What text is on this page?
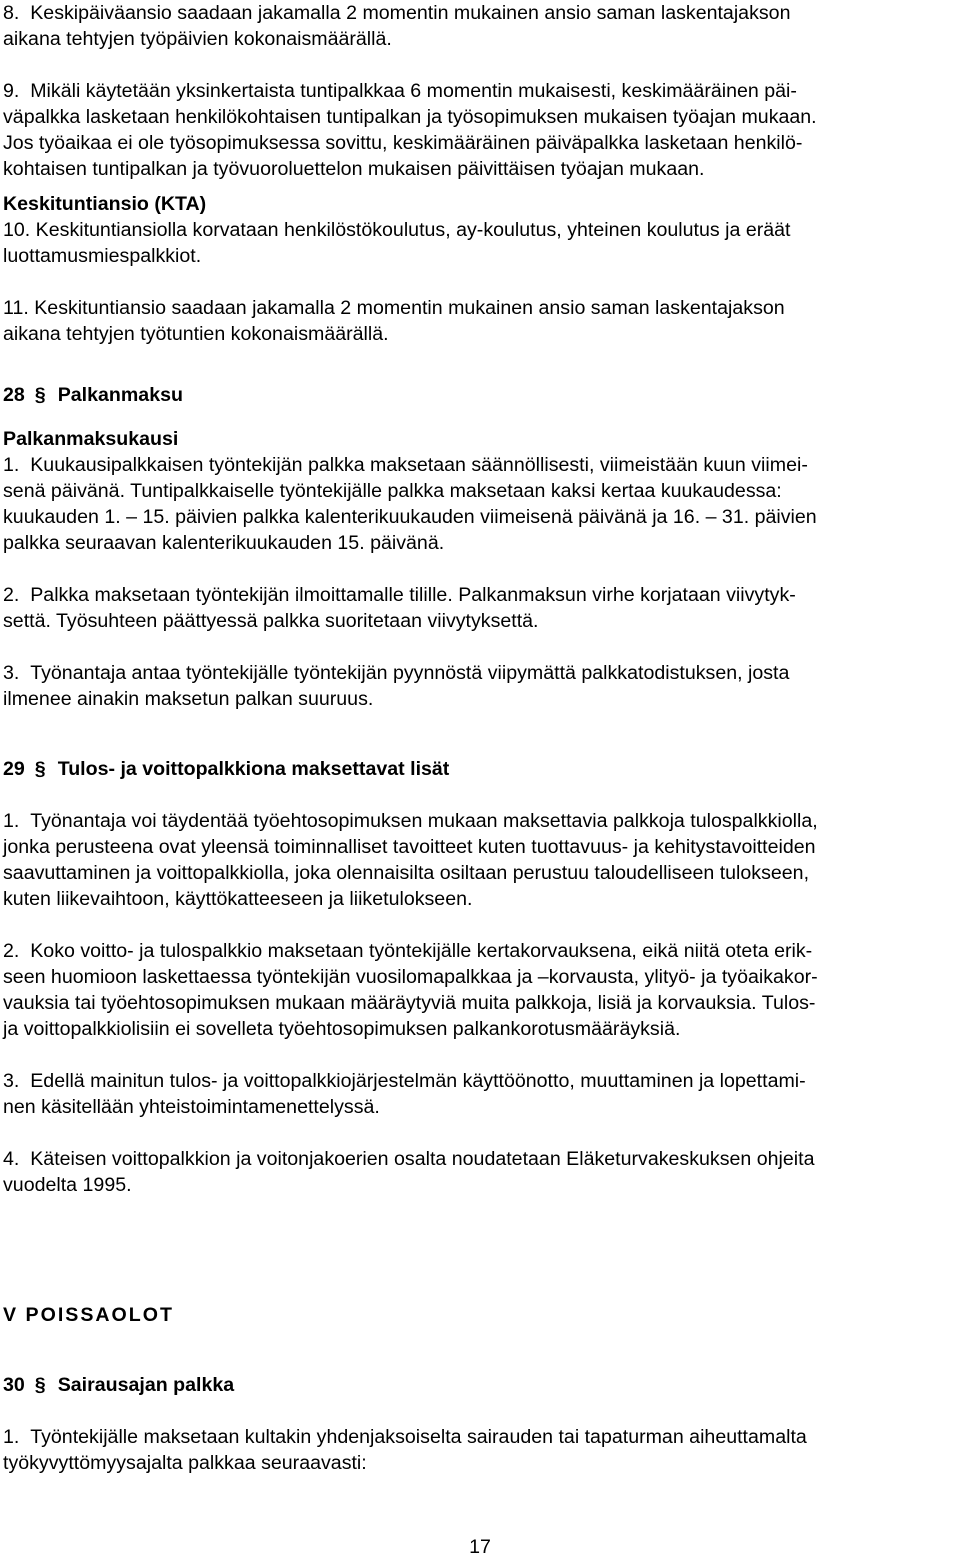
8.  Keskipäiväansio saadaan jakamalla 2 momentin mukainen ansio saman laskentajakson
aikana tehtyjen työpäivien kokonaismäärällä.

9.  Mikäli käytetään yksinkertaista tuntipalkkaa 6 momentin mukaisesti, keskimääräinen päi-
väpalkka lasketaan henkilökohtaisen tuntipalkan ja työsopimuksen mukaisen työajan mukaan.
Jos työaikaa ei ole työsopimuksessa sovittu, keskimääräinen päiväpalkka lasketaan henkilö-
kohtaisen tuntipalkan ja työvuoroluettelon mukaisen päivittäisen työajan mukaan.

Keskituntiansio (KTA)

10. Keskituntiansiolla korvataan henkilöstökoulutus, ay-koulutus, yhteinen koulutus ja eräät
luottamusmiespalkkiot.

11. Keskituntiansio saadaan jakamalla 2 momentin mukainen ansio saman laskentajakson
aikana tehtyjen työtuntien kokonaismäärällä.

28 § Palkanmaksu

Palkanmaksukausi

1.  Kuukausipalkkaisen työntekijän palkka maksetaan säännöllisesti, viimeistään kuun viimei-
senä päivänä. Tuntipalkkaiselle työntekijälle palkka maksetaan kaksi kertaa kuukaudessa:
kuukauden 1. – 15. päivien palkka kalenterikuukauden viimeisenä päivänä ja 16. – 31. päivien
palkka seuraavan kalenterikuukauden 15. päivänä.

2.  Palkka maksetaan työntekijän ilmoittamalle tilille. Palkanmaksun virhe korjataan viivytyk-
settä. Työsuhteen päättyessä palkka suoritetaan viivytyksettä.

3.  Työnantaja antaa työntekijälle työntekijän pyynnöstä viipymättä palkkatodistuksen, josta
ilmenee ainakin maksetun palkan suuruus.

29 § Tulos- ja voittopalkkiona maksettavat lisät

1.  Työnantaja voi täydentää työehtosopimuksen mukaan maksettavia palkkoja tulospalkkiolla,
jonka perusteena ovat yleensä toiminnalliset tavoitteet kuten tuottavuus- ja kehitystavoitteiden
saavuttaminen ja voittopalkkiolla, joka olennaisilta osiltaan perustuu taloudelliseen tulokseen,
kuten liikevaihtoon, käyttökatteeseen ja liiketulokseen.

2.  Koko voitto- ja tulospalkkio maksetaan työntekijälle kertakorvauksena, eikä niitä oteta erik-
seen huomioon laskettaessa työntekijän vuosilomapalkkaa ja –korvausta, ylityö- ja työaikakor-
vauksia tai työehtosopimuksen mukaan määräytyviä muita palkkoja, lisiä ja korvauksia. Tulos-
ja voittopalkkiolisiin ei sovelleta työehtosopimuksen palkankorotusmääräyksiä.

3.  Edellä mainitun tulos- ja voittopalkkiojärjestelmän käyttöönotto, muuttaminen ja lopettami-
nen käsitellään yhteistoimintamenettelyssä.

4.  Käteisen voittopalkkion ja voitonjakoerien osalta noudatetaan Eläketurvakeskuksen ohjeita
vuodelta 1995.

V POISSAOLOT

30 § Sairausajan palkka

1.  Työntekijälle maksetaan kultakin yhdenjaksoiselta sairauden tai tapaturman aiheuttamalta
työkyvyttömyysajalta palkkaa seuraavasti:

17
